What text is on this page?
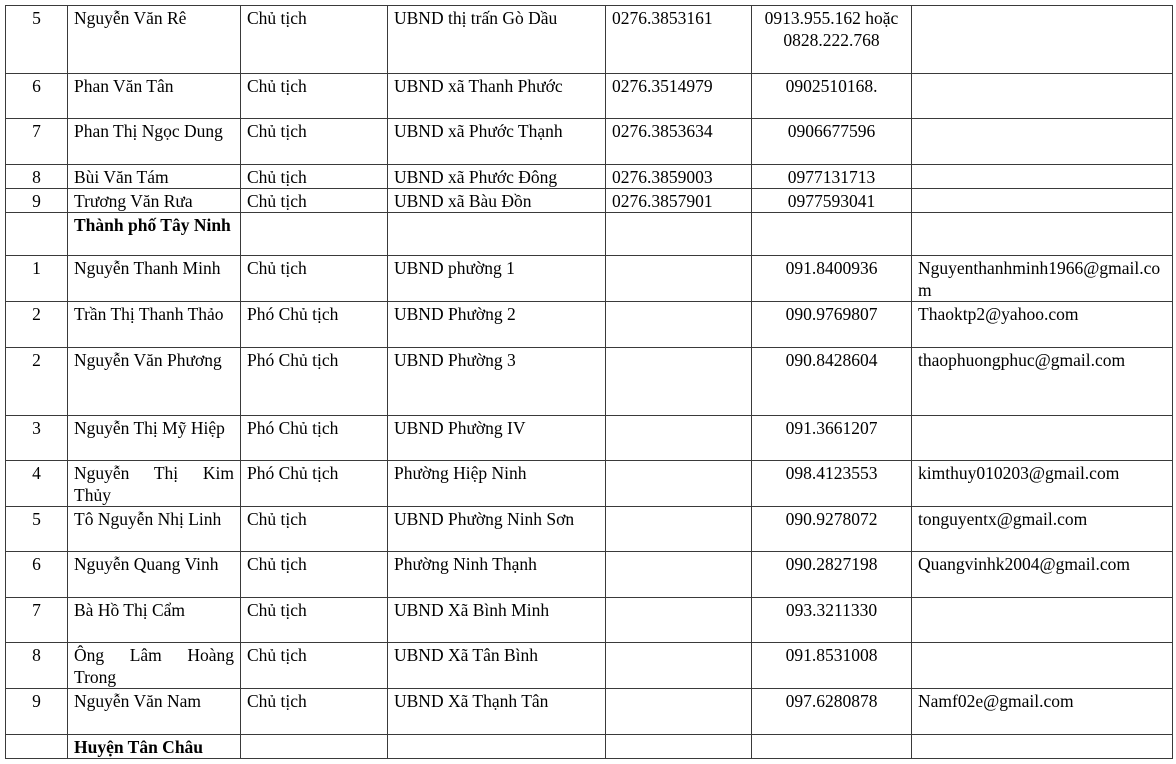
5	Nguyễn Văn Rê	Chủ tịch	UBND thị trấn Gò Dầu	0276.3853161	0913.955.162 hoặc 0828.222.768	
6	Phan Văn Tân	Chủ tịch	UBND xã Thanh Phước	0276.3514979	0902510168.	
7	Phan Thị Ngọc Dung	Chủ tịch	UBND xã Phước Thạnh	0276.3853634	0906677596	
8	Bùi Văn Tám	Chủ tịch	UBND xã Phước Đông	0276.3859003	0977131713	
9	Trương Văn Rưa	Chủ tịch	UBND xã Bàu Đồn	0276.3857901	0977593041	
	Thành phố Tây Ninh					
1	Nguyễn Thanh Minh	Chủ tịch	UBND phường 1		091.8400936	Nguyenthanhminh1966@gmail.com
2	Trần Thị Thanh Thảo	Phó Chủ tịch	UBND Phường 2		090.9769807	Thaoktp2@yahoo.com
2	Nguyễn Văn Phương	Phó Chủ tịch	UBND Phường 3		090.8428604	thaophuongphuc@gmail.com
3	Nguyễn Thị Mỹ Hiệp	Phó Chủ tịch	UBND Phường IV		091.3661207	
4	Nguyễn Thị Kim Thủy	Phó Chủ tịch	Phường Hiệp Ninh		098.4123553	kimthuy010203@gmail.com
5	Tô Nguyễn Nhị Linh	Chủ tịch	UBND Phường Ninh Sơn		090.9278072	tonguyentx@gmail.com
6	Nguyễn Quang Vinh	Chủ tịch	Phường Ninh Thạnh		090.2827198	Quangvinhk2004@gmail.com
7	Bà Hồ Thị Cẩm	Chủ tịch	UBND Xã Bình Minh		093.3211330	
8	Ông Lâm Hoàng Trong	Chủ tịch	UBND Xã Tân Bình		091.8531008	
9	Nguyễn Văn Nam	Chủ tịch	UBND Xã Thạnh Tân		097.6280878	Namf02e@gmail.com
	Huyện Tân Châu					
